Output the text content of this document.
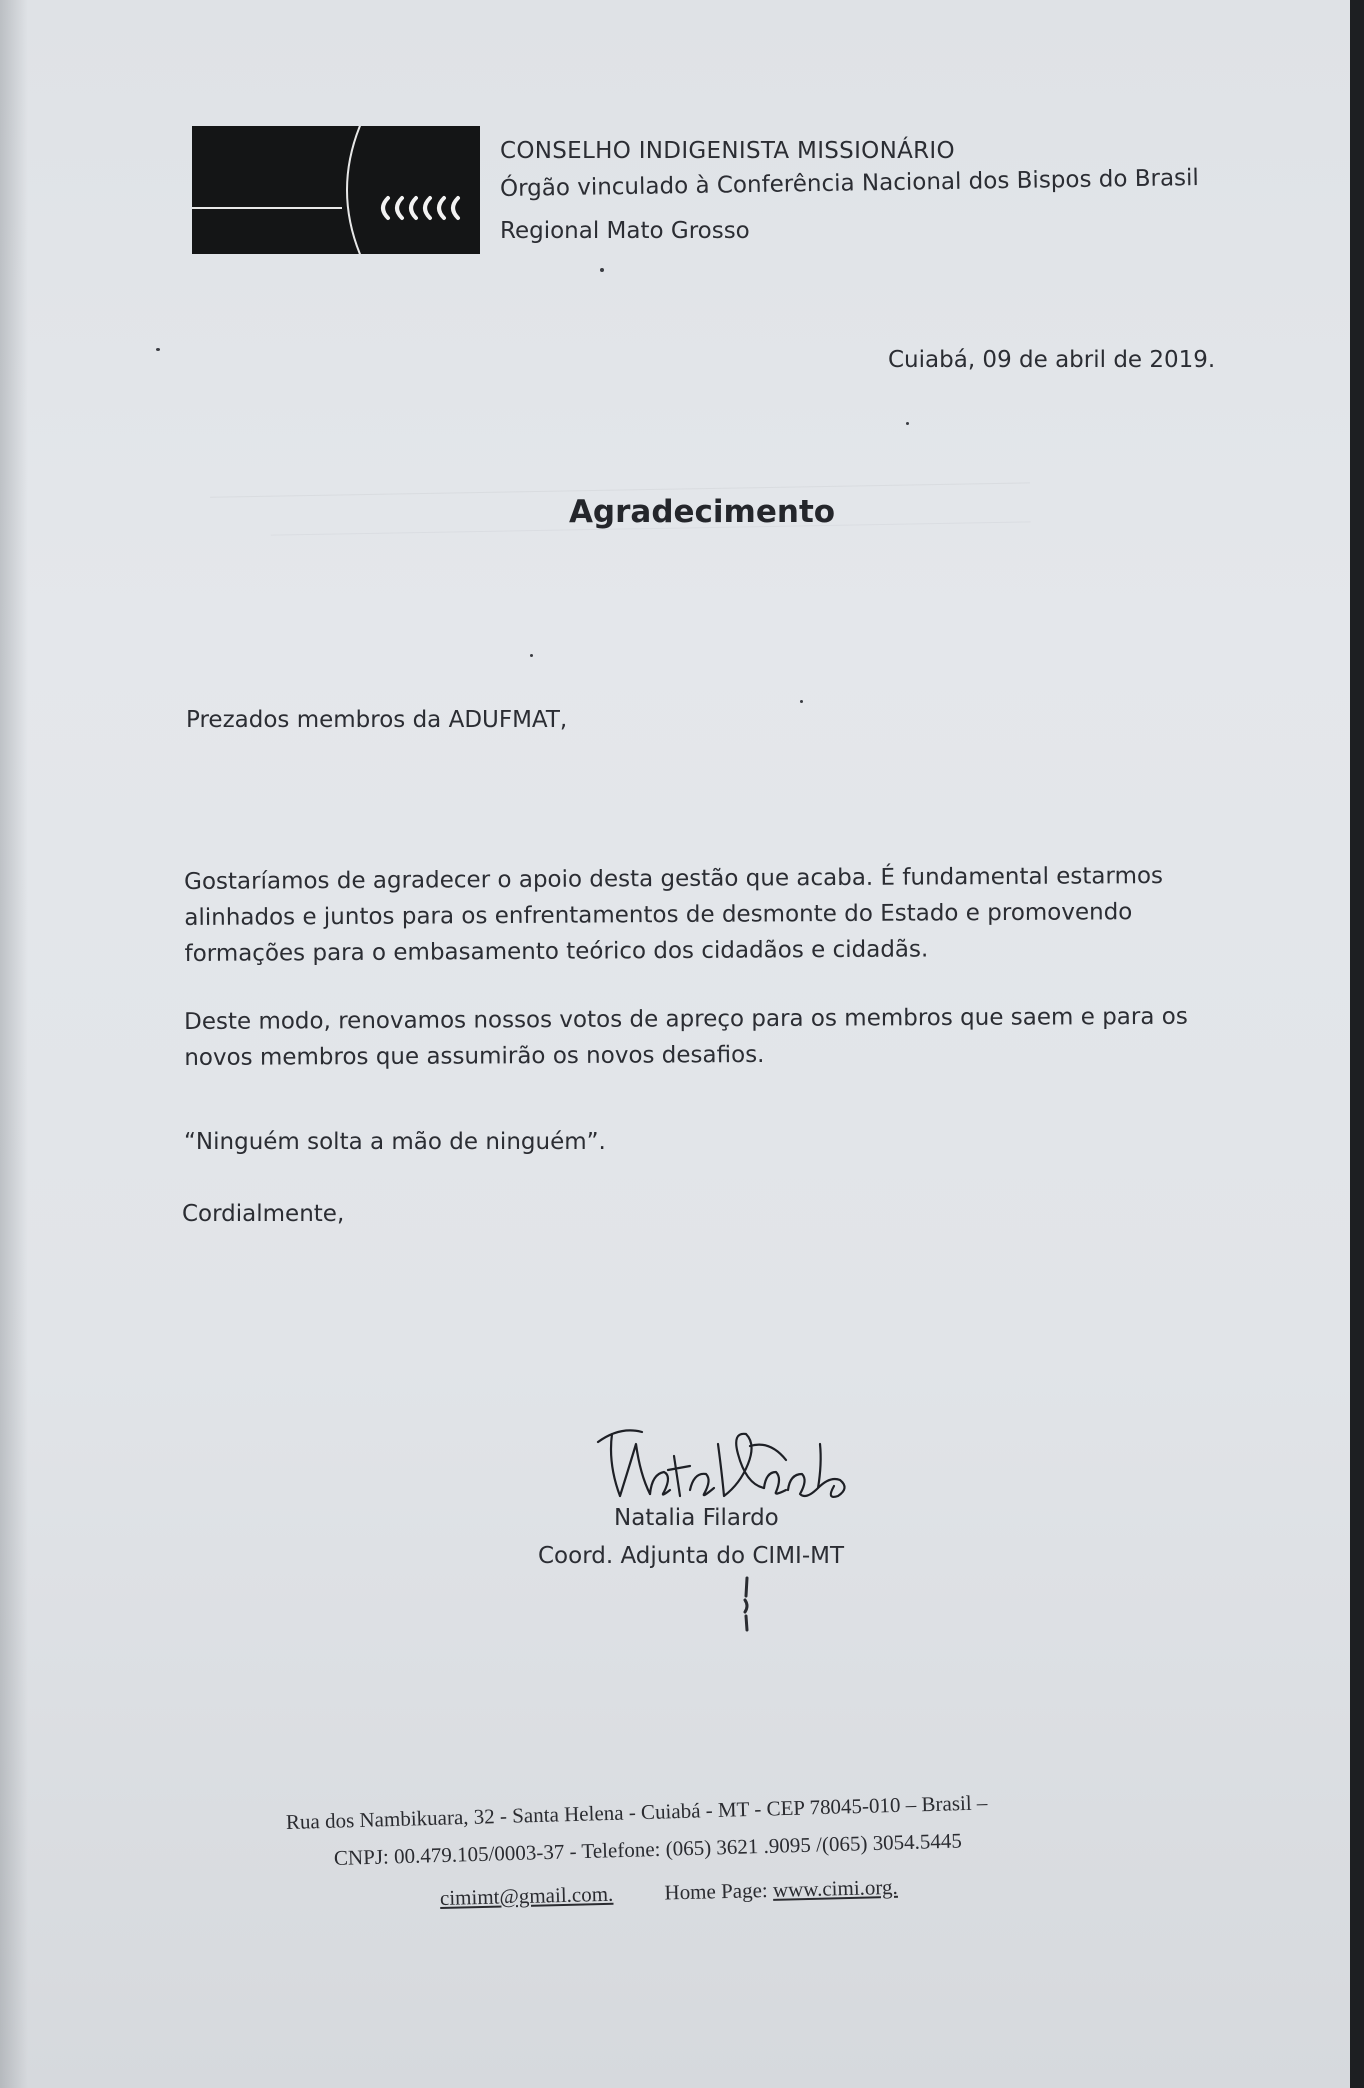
CONSELHO INDIGENISTA MISSIONÁRIO
Órgão vinculado à Conferência Nacional dos Bispos do Brasil
Regional Mato Grosso
Cuiabá, 09 de abril de 2019.
Agradecimento
Prezados membros da ADUFMAT,
Gostaríamos de agradecer o apoio desta gestão que acaba. É fundamental estarmos alinhados e juntos para os enfrentamentos de desmonte do Estado e promovendo formações para o embasamento teórico dos cidadãos e cidadãs.
Deste modo, renovamos nossos votos de apreço para os membros que saem e para os novos membros que assumirão os novos desafios.
“Ninguém solta a mão de ninguém”.
Cordialmente,
Natalia Filardo
Coord. Adjunta do CIMI-MT
Rua dos Nambikuara, 32 - Santa Helena - Cuiabá - MT - CEP 78045-010 – Brasil –
CNPJ: 00.479.105/0003-37 - Telefone: (065) 3621 .9095 /(065) 3054.5445
cimimt@gmail.com. Home Page: www.cimi.org.
